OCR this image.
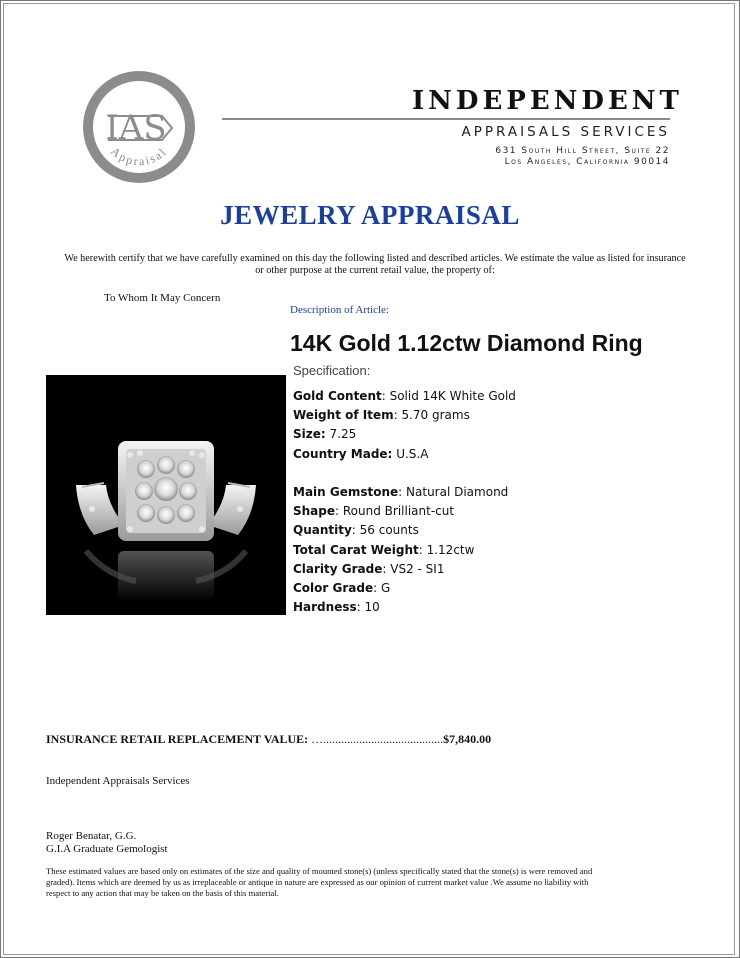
IAS
Appraisal
INDEPENDENT
APPRAISALS SERVICES
631 South Hill Street, Suite 22
Los Angeles, California 90014
JEWELRY APPRAISAL
We herewith certify that we have carefully examined on this day the following listed and described articles. We estimate the value as listed for insurance or other purpose at the current retail value, the property of:
To Whom It May Concern
Description of Article:
14K Gold 1.12ctw Diamond Ring
Specification:
Gold Content: Solid 14K White Gold
Weight of Item: 5.70 grams
Size: 7.25
Country Made: U.S.A
Main Gemstone: Natural Diamond
Shape: Round Brilliant-cut
Quantity: 56 counts
Total Carat Weight: 1.12ctw
Clarity Grade: VS2 - SI1
Color Grade: G
Hardness: 10
INSURANCE RETAIL REPLACEMENT VALUE: …........................................$7,840.00
Independent Appraisals Services
Roger Benatar, G.G.
G.I.A Graduate Gemologist
These estimated values are based only on estimates of the size and quality of mounted stone(s) (unless specifically stated that the stone(s) is were removed and graded). Items which are deemed by us as irreplaceable or antique in nature are expressed as our opinion of current market value .We assume no liability with respect to any action that may be taken on the basis of this material.
